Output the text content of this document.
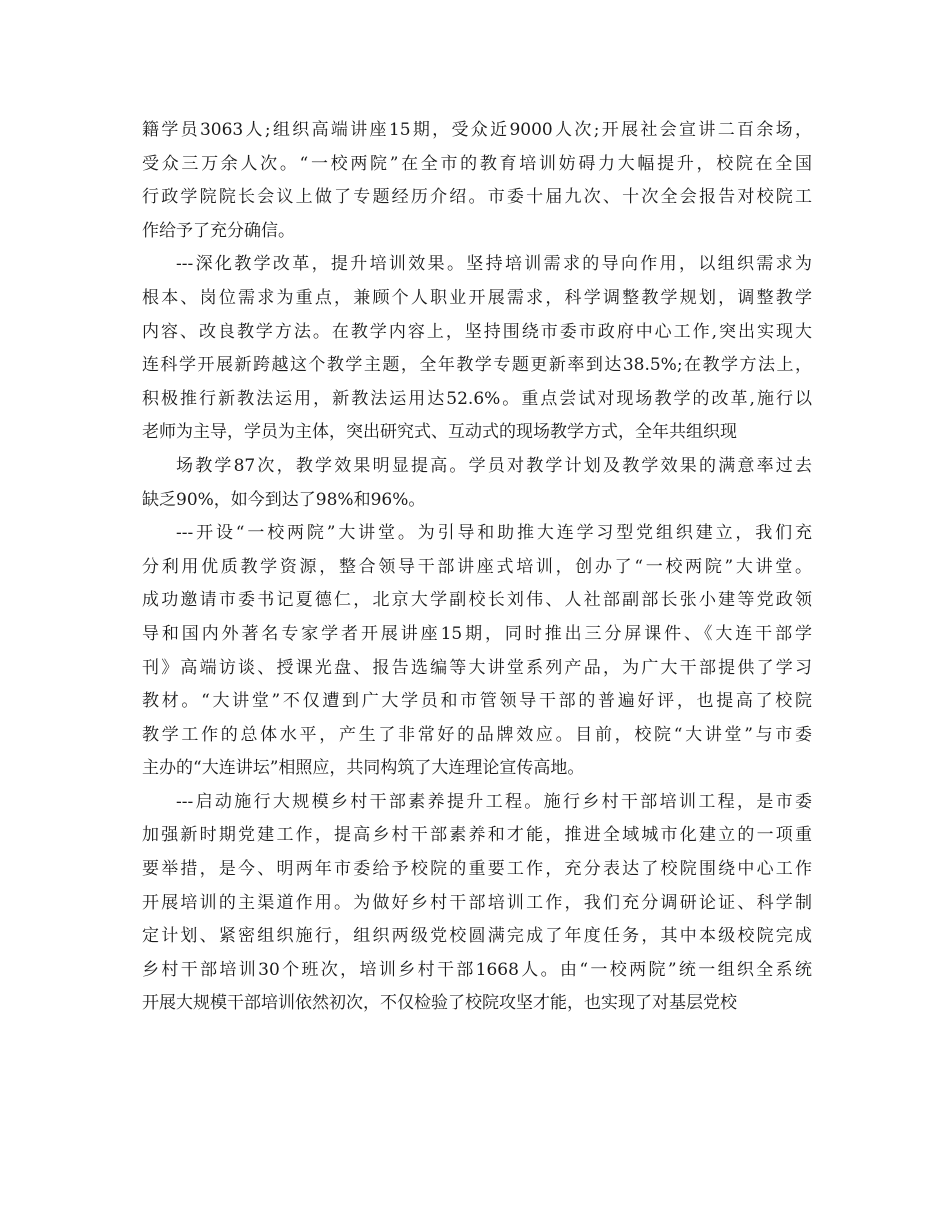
籍学员3063人;组织高端讲座15期，受众近9000人次;开展社会宣讲二百余场，
受众三万余人次。“一校两院”在全市的教育培训妨碍力大幅提升，校院在全国
行政学院院长会议上做了专题经历介绍。市委十届九次、十次全会报告对校院工
作给予了充分确信。
---深化教学改革，提升培训效果。坚持培训需求的导向作用，以组织需求为
根本、岗位需求为重点，兼顾个人职业开展需求，科学调整教学规划，调整教学
内容、改良教学方法。在教学内容上，坚持围绕市委市政府中心工作,突出实现大
连科学开展新跨越这个教学主题，全年教学专题更新率到达38.5%;在教学方法上，
积极推行新教法运用，新教法运用达52.6%。重点尝试对现场教学的改革,施行以
老师为主导，学员为主体，突出研究式、互动式的现场教学方式，全年共组织现
场教学87次，教学效果明显提高。学员对教学计划及教学效果的满意率过去
缺乏90%，如今到达了98%和96%。
---开设“一校两院”大讲堂。为引导和助推大连学习型党组织建立，我们充
分利用优质教学资源，整合领导干部讲座式培训，创办了“一校两院”大讲堂。
成功邀请市委书记夏德仁，北京大学副校长刘伟、人社部副部长张小建等党政领
导和国内外著名专家学者开展讲座15期，同时推出三分屏课件、《大连干部学
刊》高端访谈、授课光盘、报告选编等大讲堂系列产品，为广大干部提供了学习
教材。“大讲堂”不仅遭到广大学员和市管领导干部的普遍好评，也提高了校院
教学工作的总体水平，产生了非常好的品牌效应。目前，校院“大讲堂”与市委
主办的“大连讲坛”相照应，共同构筑了大连理论宣传高地。
---启动施行大规模乡村干部素养提升工程。施行乡村干部培训工程，是市委
加强新时期党建工作，提高乡村干部素养和才能，推进全域城市化建立的一项重
要举措，是今、明两年市委给予校院的重要工作，充分表达了校院围绕中心工作
开展培训的主渠道作用。为做好乡村干部培训工作，我们充分调研论证、科学制
定计划、紧密组织施行，组织两级党校圆满完成了年度任务，其中本级校院完成
乡村干部培训30个班次，培训乡村干部1668人。由“一校两院”统一组织全系统
开展大规模干部培训依然初次，不仅检验了校院攻坚才能，也实现了对基层党校
